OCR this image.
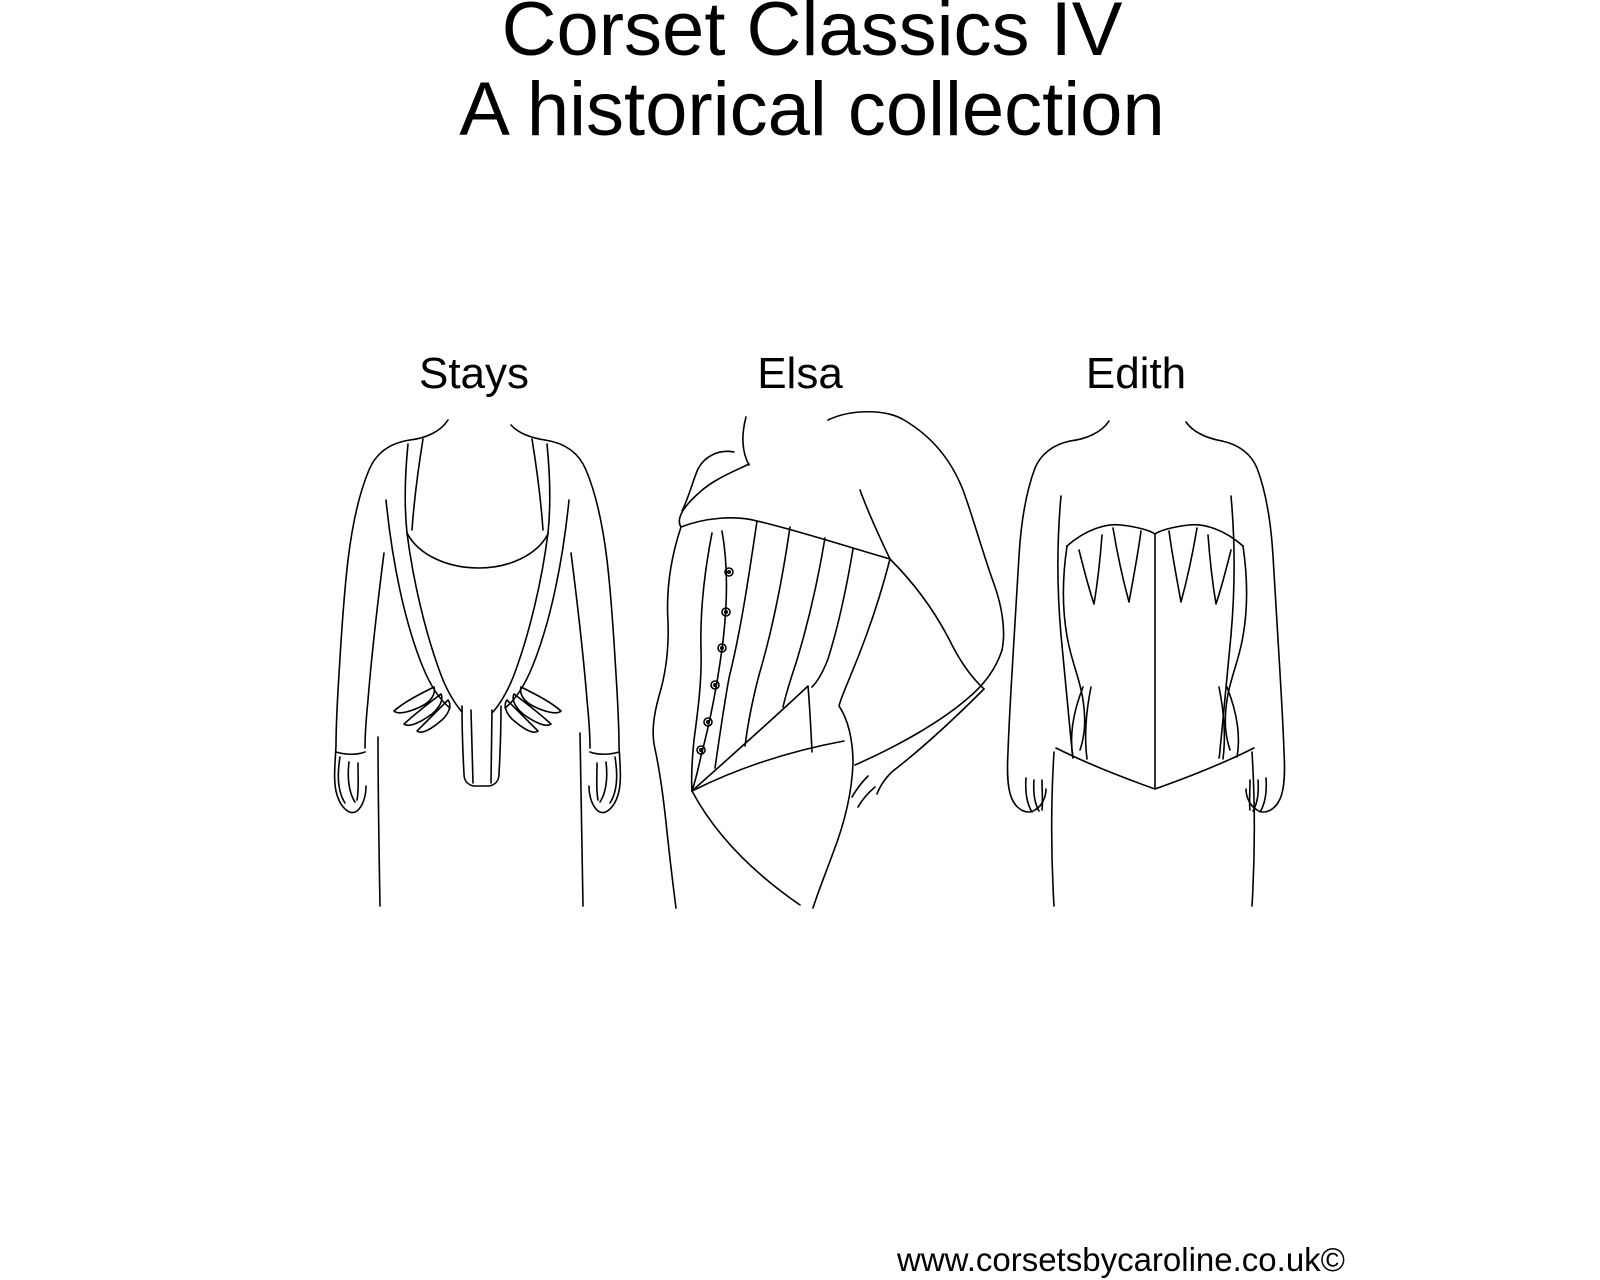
Corset Classics IV
A historical collection
Stays	Elsa	Edith
www.corsetsbycaroline.co.uk©
